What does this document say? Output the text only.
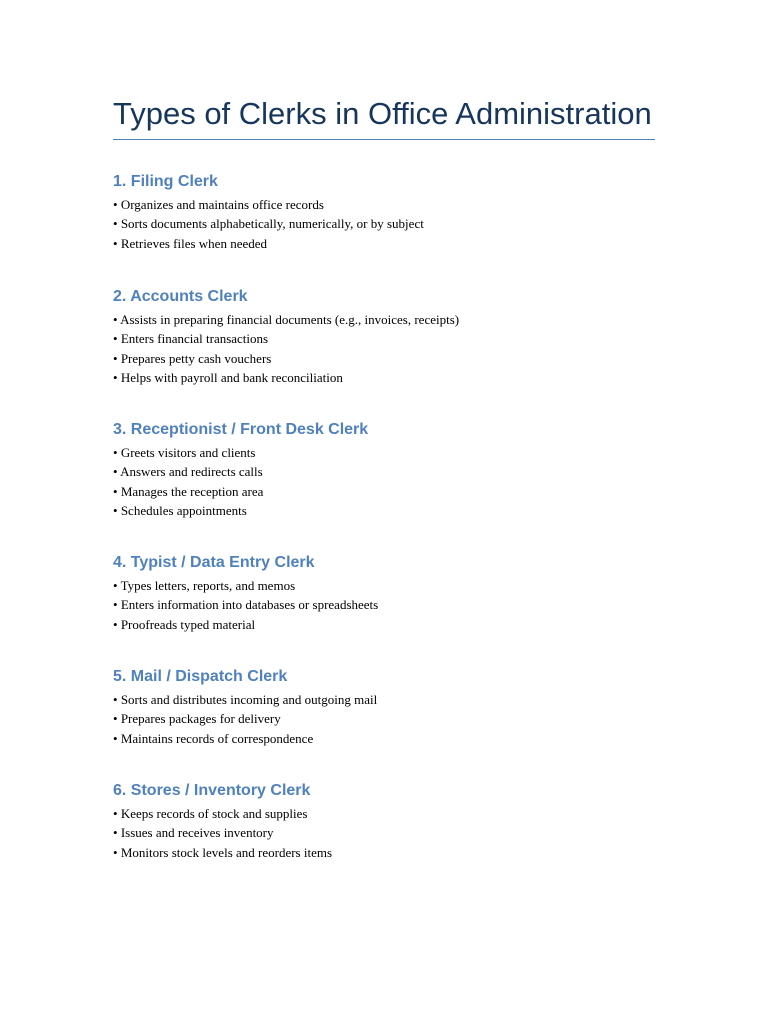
Types of Clerks in Office Administration
1. Filing Clerk
• Organizes and maintains office records
• Sorts documents alphabetically, numerically, or by subject
• Retrieves files when needed
2. Accounts Clerk
• Assists in preparing financial documents (e.g., invoices, receipts)
• Enters financial transactions
• Prepares petty cash vouchers
• Helps with payroll and bank reconciliation
3. Receptionist / Front Desk Clerk
• Greets visitors and clients
• Answers and redirects calls
• Manages the reception area
• Schedules appointments
4. Typist / Data Entry Clerk
• Types letters, reports, and memos
• Enters information into databases or spreadsheets
• Proofreads typed material
5. Mail / Dispatch Clerk
• Sorts and distributes incoming and outgoing mail
• Prepares packages for delivery
• Maintains records of correspondence
6. Stores / Inventory Clerk
• Keeps records of stock and supplies
• Issues and receives inventory
• Monitors stock levels and reorders items
